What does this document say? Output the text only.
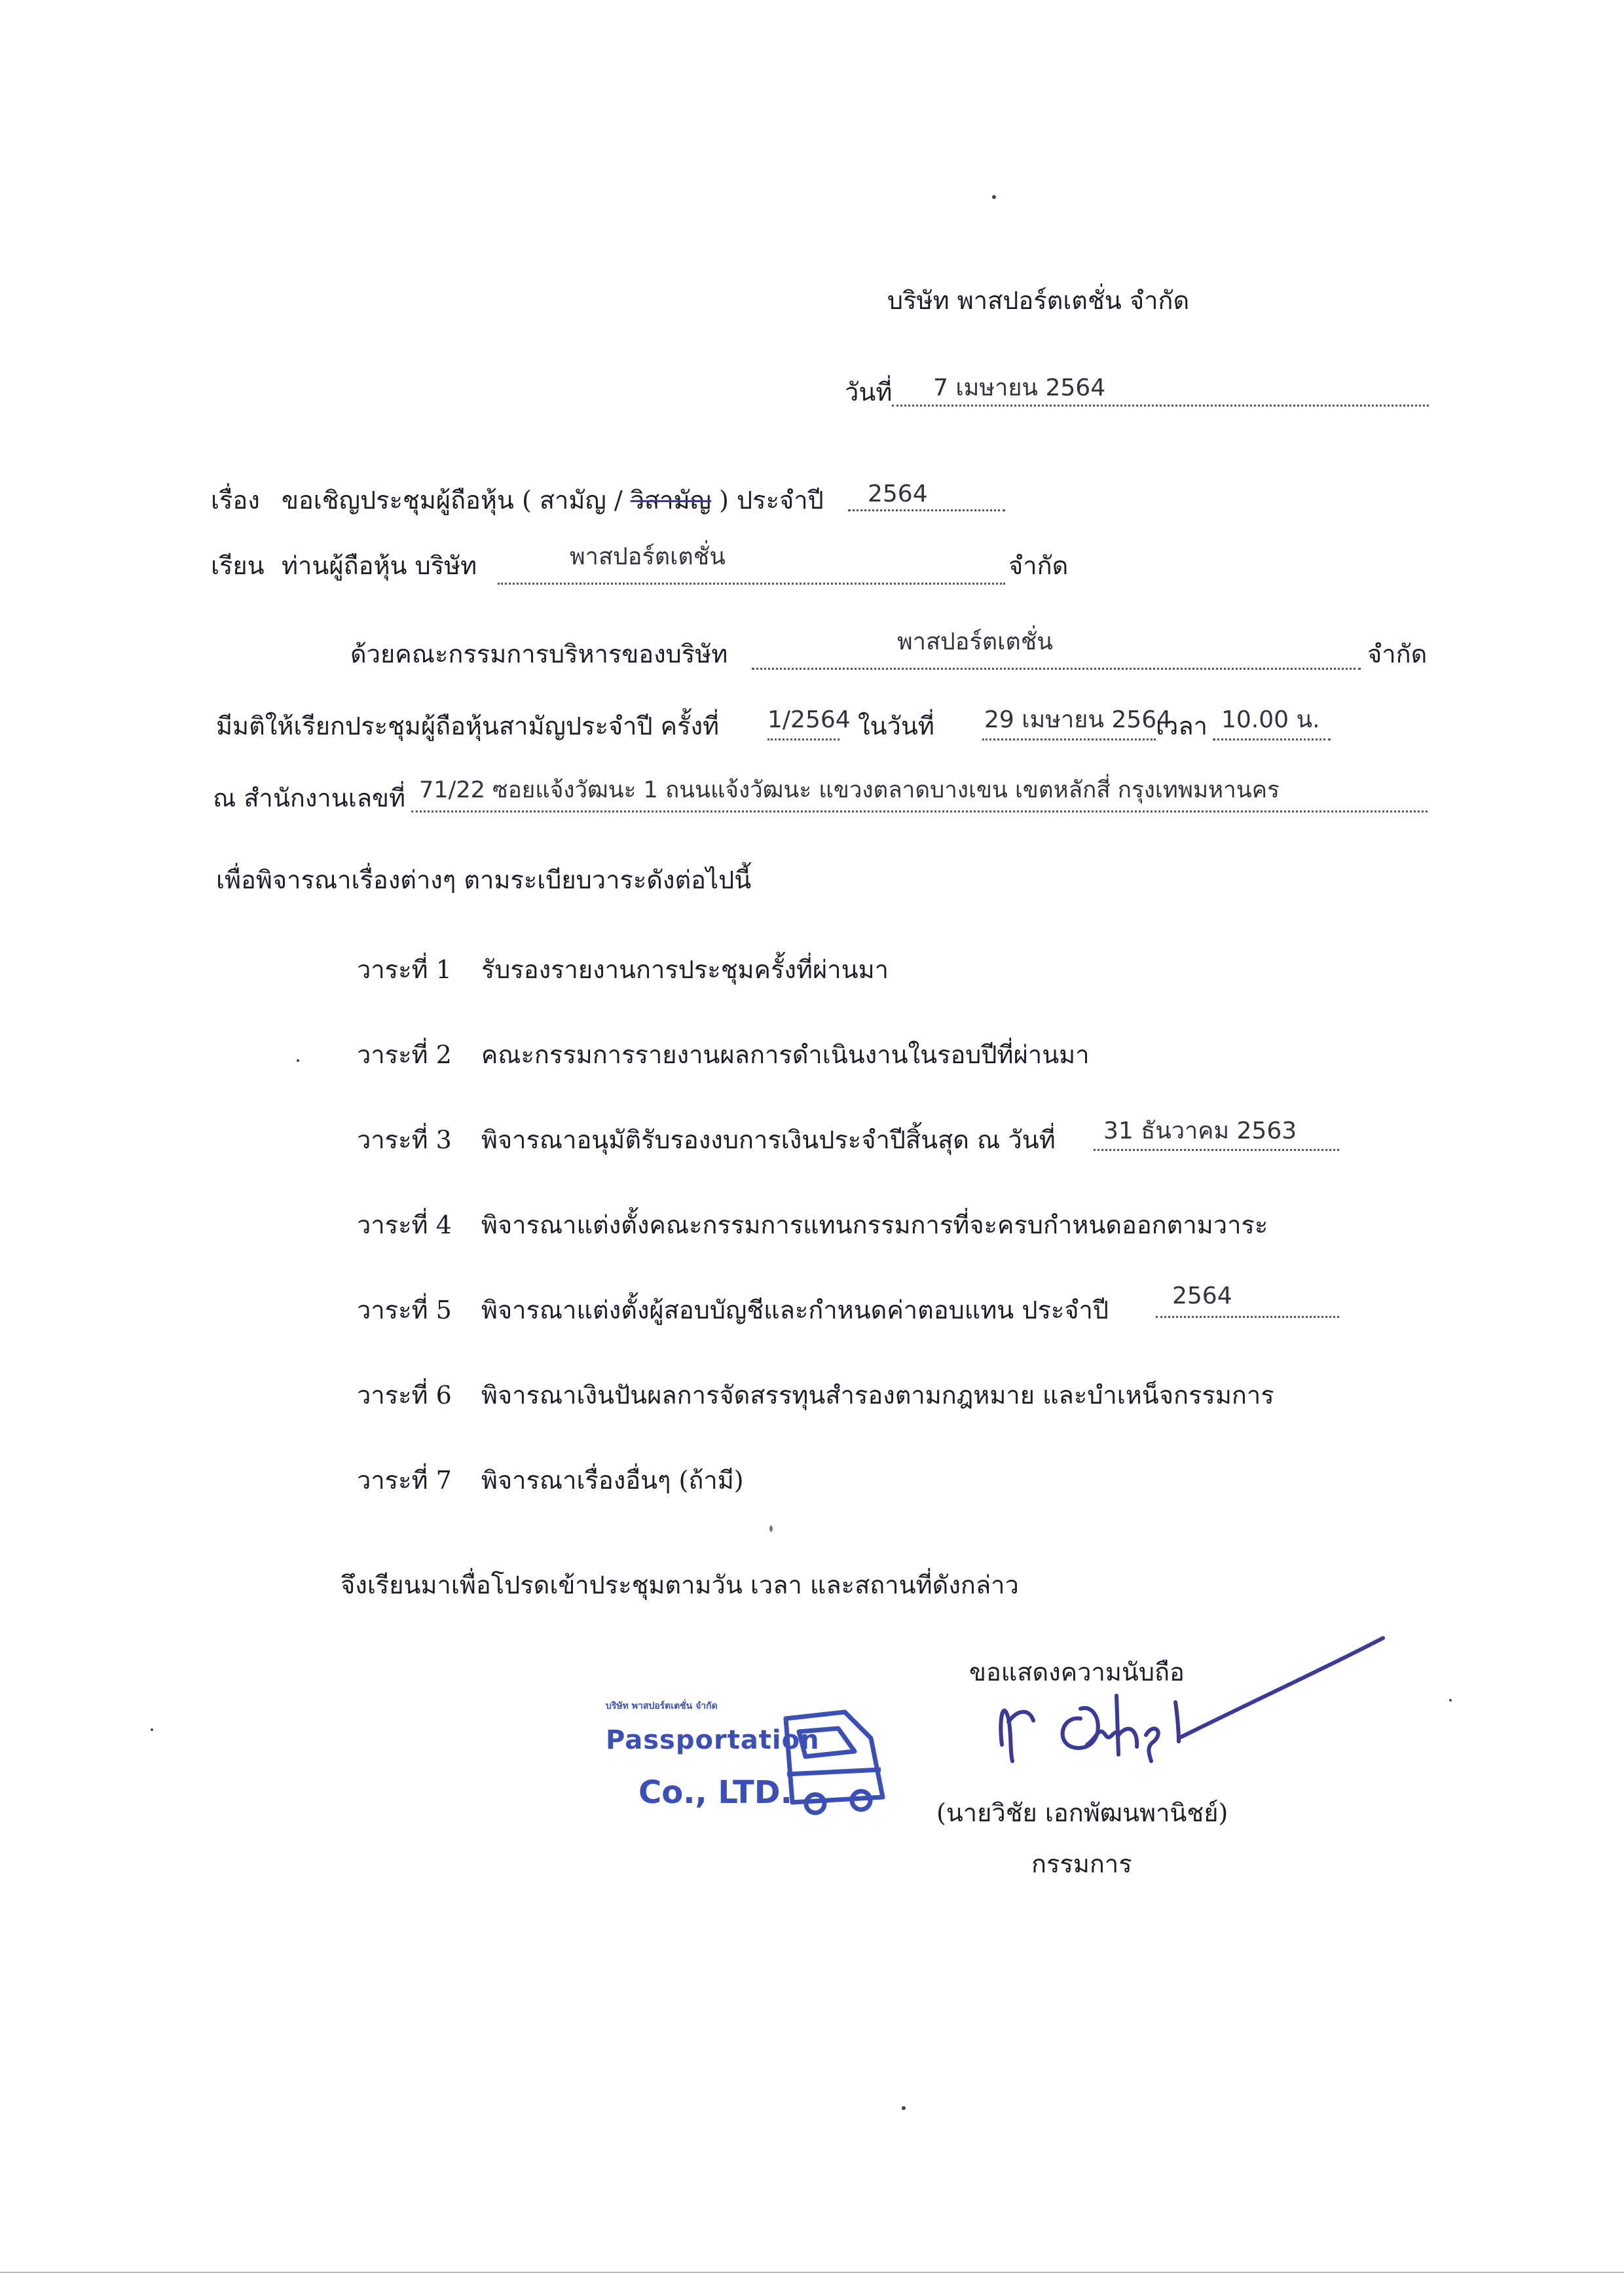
บริษัท พาสปอร์ตเตชั่น จำกัด
วันที่ 7 เมษายน 2564
เรื่อง ขอเชิญประชุมผู้ถือหุ้น ( สามัญ / วิสามัญ ) ประจำปี 2564
เรียน ท่านผู้ถือหุ้น บริษัท	พาสปอร์ตเตชั่น	จำกัด
ด้วยคณะกรรมการบริหารของบริษัท	พาสปอร์ตเตชั่น	จำกัด
มีมติให้เรียกประชุมผู้ถือหุ้นสามัญประจำปี ครั้งที่ 1/2564 ในวันที่ 29 เมษายน 2564
เวลา 10.00 น.
ณ สำนักงานเลขที่ 71/22 ซอยแจ้งวัฒนะ 1 ถนนแจ้งวัฒนะ แขวงตลาดบางเขน เขตหลักสี่ กรุงเทพมหานคร
เพื่อพิจารณาเรื่องต่างๆ ตามระเบียบวาระดังต่อไปนี้
วาระที่ 1 รับรองรายงานการประชุมครั้งที่ผ่านมา
วาระที่ 2 คณะกรรมการรายงานผลการดำเนินงานในรอบปีที่ผ่านมา
วาระที่ 3 พิจารณาอนุมัติรับรองงบการเงินประจำปีสิ้นสุด ณ วันที่ 31 ธันวาคม 2563
วาระที่ 4 พิจารณาแต่งตั้งคณะกรรมการแทนกรรมการที่จะครบกำหนดออกตามวาระ
วาระที่ 5 พิจารณาแต่งตั้งผู้สอบบัญชีและกำหนดค่าตอบแทน ประจำปี	2564
วาระที่ 6 พิจารณาเงินปันผลการจัดสรรทุนสำรองตามกฎหมาย และบำเหน็จกรรมการ
วาระที่ 7 พิจารณาเรื่องอื่นๆ (ถ้ามี)
จึงเรียนมาเพื่อโปรดเข้าประชุมตามวัน เวลา และสถานที่ดังกล่าว
ขอแสดงความนับถือ
(นายวิชัย เอกพัฒนพานิชย์)
กรรมการ
บริษัท พาสปอร์ตเตชั่น จำกัด
Passportation
Co., LTD.
